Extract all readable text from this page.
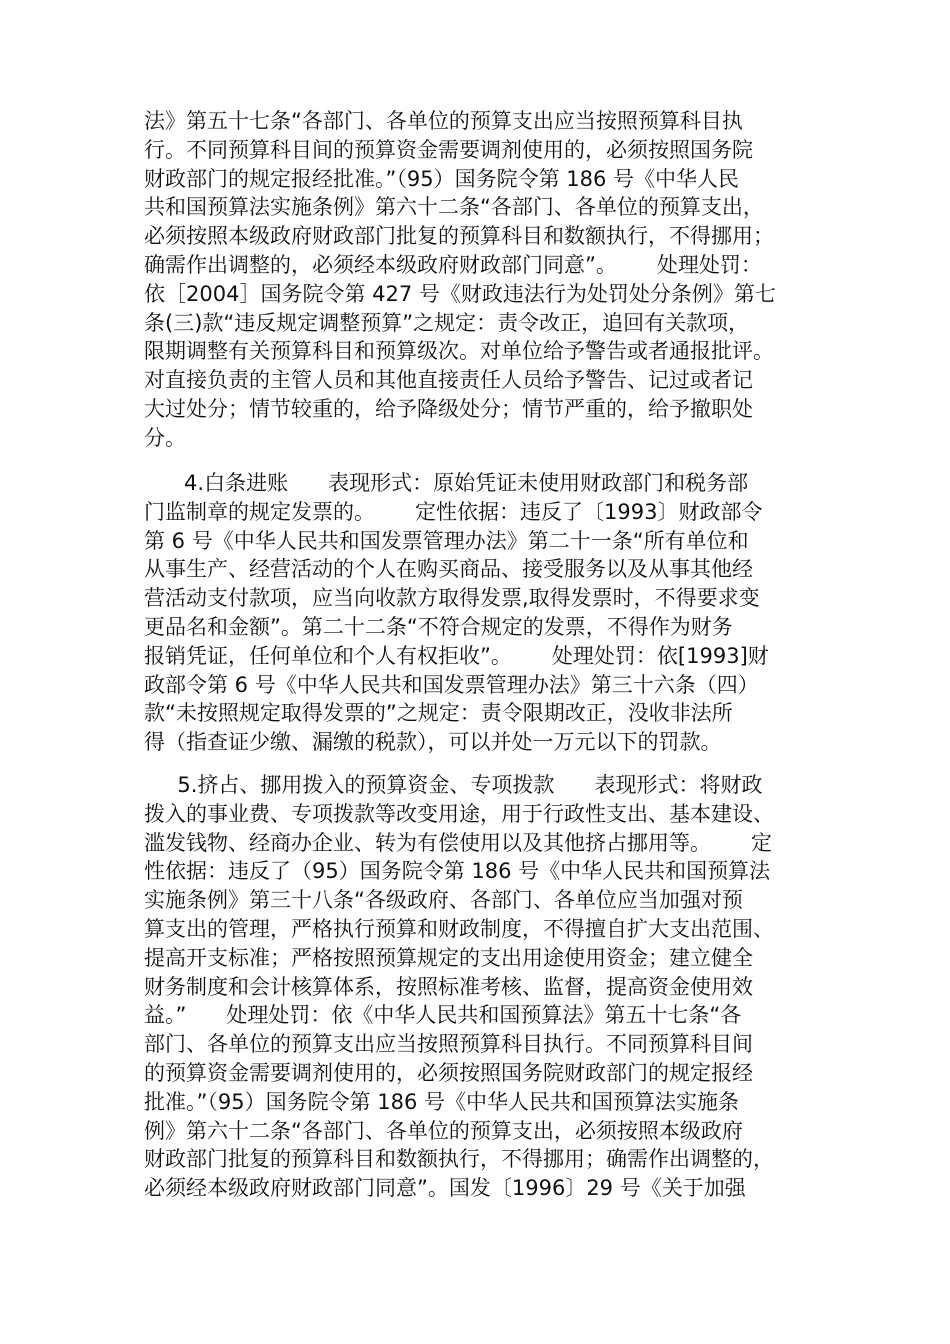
法》第五十七条“各部门、各单位的预算支出应当按照预算科目执
行。不同预算科目间的预算资金需要调剂使用的，必须按照国务院
财政部门的规定报经批准。”（95）国务院令第 186 号《中华人民
共和国预算法实施条例》第六十二条“各部门、各单位的预算支出，
必须按照本级政府财政部门批复的预算科目和数额执行，不得挪用；
确需作出调整的，必须经本级政府财政部门同意”。      处理处罚：
依［2004］国务院令第 427 号《财政违法行为处罚处分条例》第七
条(三)款“违反规定调整预算”之规定：责令改正，追回有关款项，
限期调整有关预算科目和预算级次。对单位给予警告或者通报批评。
对直接负责的主管人员和其他直接责任人员给予警告、记过或者记
大过处分；情节较重的，给予降级处分；情节严重的，给予撤职处
分。
4.白条进账      表现形式：原始凭证未使用财政部门和税务部
门监制章的规定发票的。      定性依据：违反了〔1993〕财政部令
第 6 号《中华人民共和国发票管理办法》第二十一条“所有单位和
从事生产、经营活动的个人在购买商品、接受服务以及从事其他经
营活动支付款项，应当向收款方取得发票,取得发票时，不得要求变
更品名和金额”。第二十二条“不符合规定的发票，不得作为财务
报销凭证，任何单位和个人有权拒收”。      处理处罚：依[1993]财
政部令第 6 号《中华人民共和国发票管理办法》第三十六条（四）
款“未按照规定取得发票的”之规定：责令限期改正，没收非法所
得（指查证少缴、漏缴的税款），可以并处一万元以下的罚款。
5.挤占、挪用拨入的预算资金、专项拨款      表现形式：将财政
拨入的事业费、专项拨款等改变用途，用于行政性支出、基本建设、
滥发钱物、经商办企业、转为有偿使用以及其他挤占挪用等。      定
性依据：违反了（95）国务院令第 186 号《中华人民共和国预算法
实施条例》第三十八条“各级政府、各部门、各单位应当加强对预
算支出的管理，严格执行预算和财政制度，不得擅自扩大支出范围、
提高开支标准；严格按照预算规定的支出用途使用资金；建立健全
财务制度和会计核算体系，按照标准考核、监督，提高资金使用效
益。”      处理处罚：依《中华人民共和国预算法》第五十七条“各
部门、各单位的预算支出应当按照预算科目执行。不同预算科目间
的预算资金需要调剂使用的，必须按照国务院财政部门的规定报经
批准。”（95）国务院令第 186 号《中华人民共和国预算法实施条
例》第六十二条“各部门、各单位的预算支出，必须按照本级政府
财政部门批复的预算科目和数额执行，不得挪用；确需作出调整的，
必须经本级政府财政部门同意”。国发〔1996〕29 号《关于加强
